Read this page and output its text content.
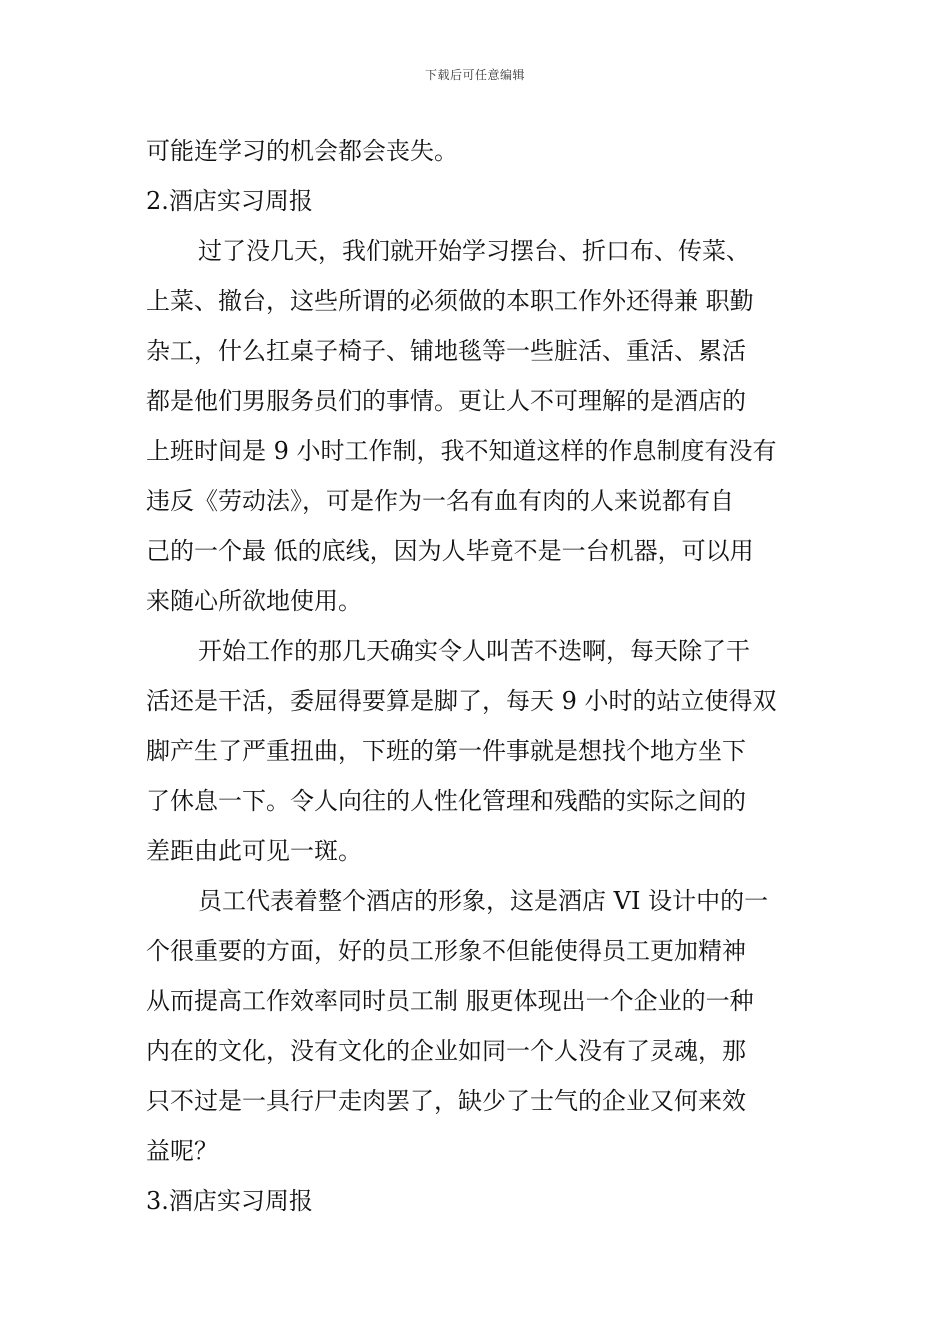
下载后可任意编辑
可能连学习的机会都会丧失。
2.酒店实习周报
过了没几天，我们就开始学习摆台、折口布、传菜、
上菜、撤台，这些所谓的必须做的本职工作外还得兼 职勤
杂工，什么扛桌子椅子、铺地毯等一些脏活、重活、累活
都是他们男服务员们的事情。更让人不可理解的是酒店的
上班时间是 9 小时工作制，我不知道这样的作息制度有没有
违反《劳动法》，可是作为一名有血有肉的人来说都有自
己的一个最 低的底线，因为人毕竟不是一台机器，可以用
来随心所欲地使用。
开始工作的那几天确实令人叫苦不迭啊，每天除了干
活还是干活，委屈得要算是脚了，每天 9 小时的站立使得双
脚产生了严重扭曲，下班的第一件事就是想找个地方坐下
了休息一下。令人向往的人性化管理和残酷的实际之间的
差距由此可见一斑。
员工代表着整个酒店的形象，这是酒店 VI 设计中的一
个很重要的方面，好的员工形象不但能使得员工更加精神
从而提高工作效率同时员工制 服更体现出一个企业的一种
内在的文化，没有文化的企业如同一个人没有了灵魂，那
只不过是一具行尸走肉罢了，缺少了士气的企业又何来效
益呢？
3.酒店实习周报
